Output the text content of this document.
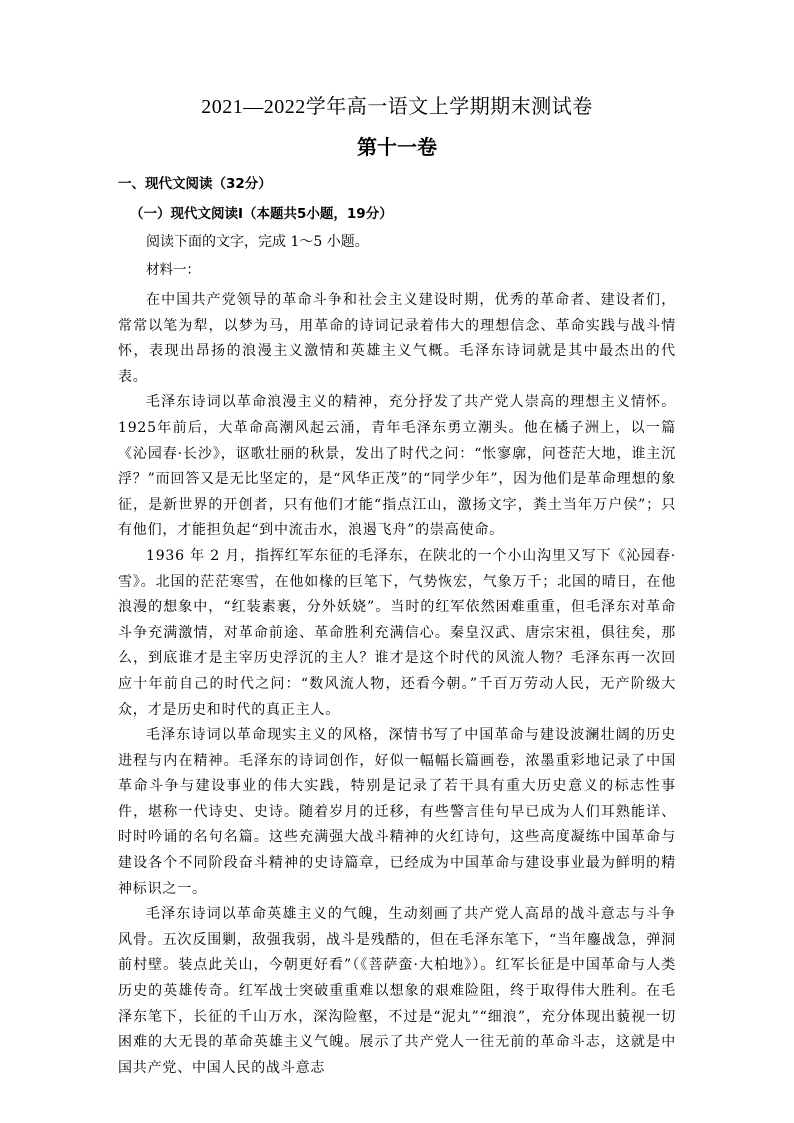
2021—2022学年高一语文上学期期末测试卷
第十一卷
一、现代文阅读（32分）
（一）现代文阅读Ⅰ（本题共5小题，19分）
阅读下面的文字，完成 1～5 小题。
材料一：

在中国共产党领导的革命斗争和社会主义建设时期，优秀的革命者、建设者们，常常以笔为犁，以梦为马，用革命的诗词记录着伟大的理想信念、革命实践与战斗情怀，表现出昂扬的浪漫主义激情和英雄主义气概。毛泽东诗词就是其中最杰出的代表。

毛泽东诗词以革命浪漫主义的精神，充分抒发了共产党人崇高的理想主义情怀。1925年前后，大革命高潮风起云涌，青年毛泽东勇立潮头。他在橘子洲上，以一篇《沁园春·长沙》，讴歌壮丽的秋景，发出了时代之问：“怅寥廓，问苍茫大地，谁主沉浮？”而回答又是无比坚定的，是“风华正茂”的“同学少年”，因为他们是革命理想的象征，是新世界的开创者，只有他们才能“指点江山，激扬文字，粪土当年万户侯”；只有他们，才能担负起“到中流击水，浪遏飞舟”的崇高使命。

1936 年 2 月，指挥红军东征的毛泽东，在陕北的一个小山沟里又写下《沁园春·雪》。北国的茫茫寒雪，在他如椽的巨笔下，气势恢宏，气象万千；北国的晴日，在他浪漫的想象中，“红装素裹，分外妖娆”。当时的红军依然困难重重，但毛泽东对革命斗争充满激情，对革命前途、革命胜利充满信心。秦皇汉武、唐宗宋祖，俱往矣，那么，到底谁才是主宰历史浮沉的主人？谁才是这个时代的风流人物？毛泽东再一次回应十年前自己的时代之问：“数风流人物，还看今朝。”千百万劳动人民，无产阶级大众，才是历史和时代的真正主人。

毛泽东诗词以革命现实主义的风格，深情书写了中国革命与建设波澜壮阔的历史进程与内在精神。毛泽东的诗词创作，好似一幅幅长篇画卷，浓墨重彩地记录了中国革命斗争与建设事业的伟大实践，特别是记录了若干具有重大历史意义的标志性事件，堪称一代诗史、史诗。随着岁月的迁移，有些警言佳句早已成为人们耳熟能详、时时吟诵的名句名篇。这些充满强大战斗精神的火红诗句，这些高度凝练中国革命与建设各个不同阶段奋斗精神的史诗篇章，已经成为中国革命与建设事业最为鲜明的精神标识之一。

毛泽东诗词以革命英雄主义的气魄，生动刻画了共产党人高昂的战斗意志与斗争风骨。五次反围剿，敌强我弱，战斗是残酷的，但在毛泽东笔下，“当年鏖战急，弹洞前村壁。装点此关山，今朝更好看”（《菩萨蛮·大柏地》）。红军长征是中国革命与人类历史的英雄传奇。红军战士突破重重难以想象的艰难险阻，终于取得伟大胜利。在毛泽东笔下，长征的千山万水，深沟险壑，不过是“泥丸”“细浪”，充分体现出藐视一切困难的大无畏的革命英雄主义气魄。展示了共产党人一往无前的革命斗志，这就是中国共产党、中国人民的战斗意志
